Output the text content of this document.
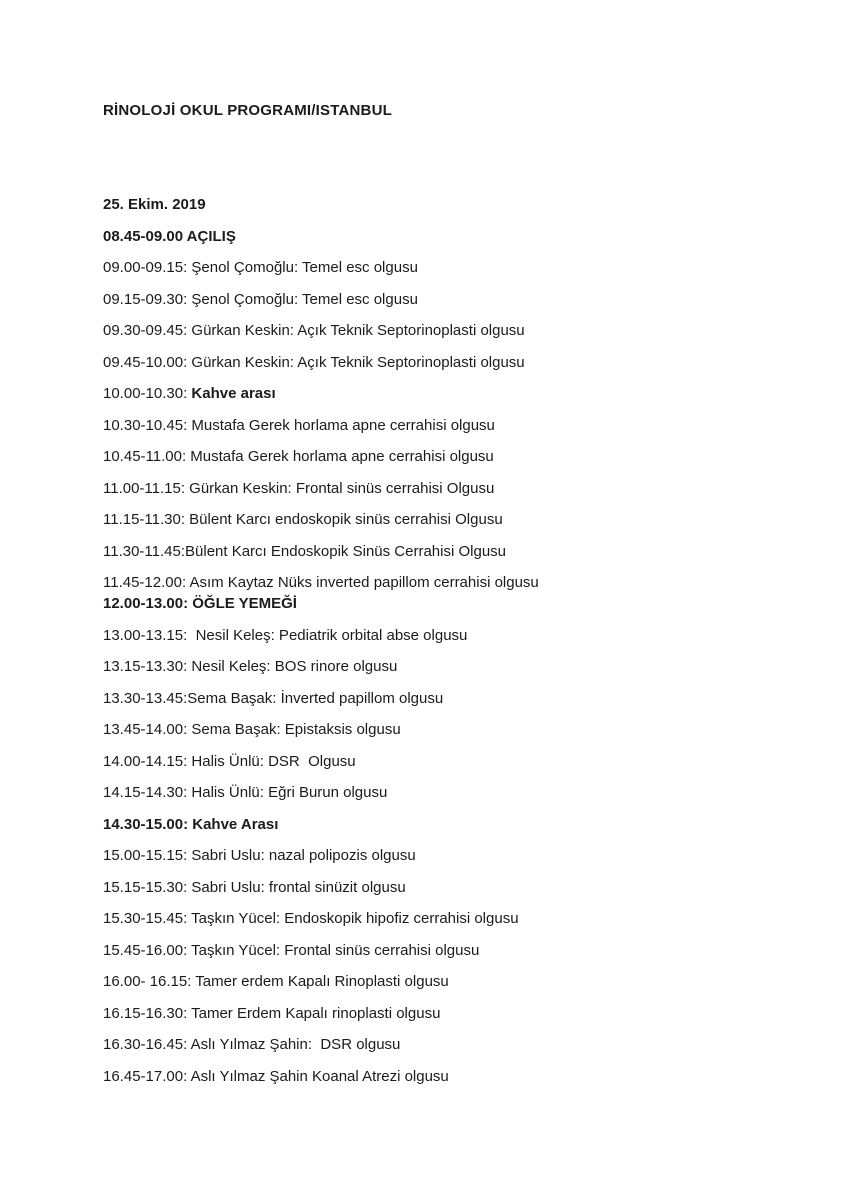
RİNOLOJİ OKUL PROGRAMI/ISTANBUL

25. Ekim. 2019

08.45-09.00 AÇILIŞ

09.00-09.15: Şenol Çomoğlu: Temel esc olgusu

09.15-09.30: Şenol Çomoğlu: Temel esc olgusu

09.30-09.45: Gürkan Keskin: Açık Teknik Septorinoplasti olgusu

09.45-10.00: Gürkan Keskin: Açık Teknik Septorinoplasti olgusu

10.00-10.30: Kahve arası

10.30-10.45: Mustafa Gerek horlama apne cerrahisi olgusu

10.45-11.00: Mustafa Gerek horlama apne cerrahisi olgusu

11.00-11.15: Gürkan Keskin: Frontal sinüs cerrahisi Olgusu

11.15-11.30: Bülent Karcı endoskopik sinüs cerrahisi Olgusu

11.30-11.45:Bülent Karcı Endoskopik Sinüs Cerrahisi Olgusu

11.45-12.00: Asım Kaytaz Nüks inverted papillom cerrahisi olgusu

12.00-13.00: ÖĞLE YEMEĞİ

13.00-13.15:  Nesil Keleş: Pediatrik orbital abse olgusu

13.15-13.30: Nesil Keleş: BOS rinore olgusu

13.30-13.45:Sema Başak: İnverted papillom olgusu

13.45-14.00: Sema Başak: Epistaksis olgusu

14.00-14.15: Halis Ünlü: DSR  Olgusu

14.15-14.30: Halis Ünlü: Eğri Burun olgusu

14.30-15.00: Kahve Arası

15.00-15.15: Sabri Uslu: nazal polipozis olgusu

15.15-15.30: Sabri Uslu: frontal sinüzit olgusu

15.30-15.45: Taşkın Yücel: Endoskopik hipofiz cerrahisi olgusu

15.45-16.00: Taşkın Yücel: Frontal sinüs cerrahisi olgusu

16.00- 16.15: Tamer erdem Kapalı Rinoplasti olgusu

16.15-16.30: Tamer Erdem Kapalı rinoplasti olgusu

16.30-16.45: Aslı Yılmaz Şahin:  DSR olgusu

16.45-17.00: Aslı Yılmaz Şahin Koanal Atrezi olgusu
